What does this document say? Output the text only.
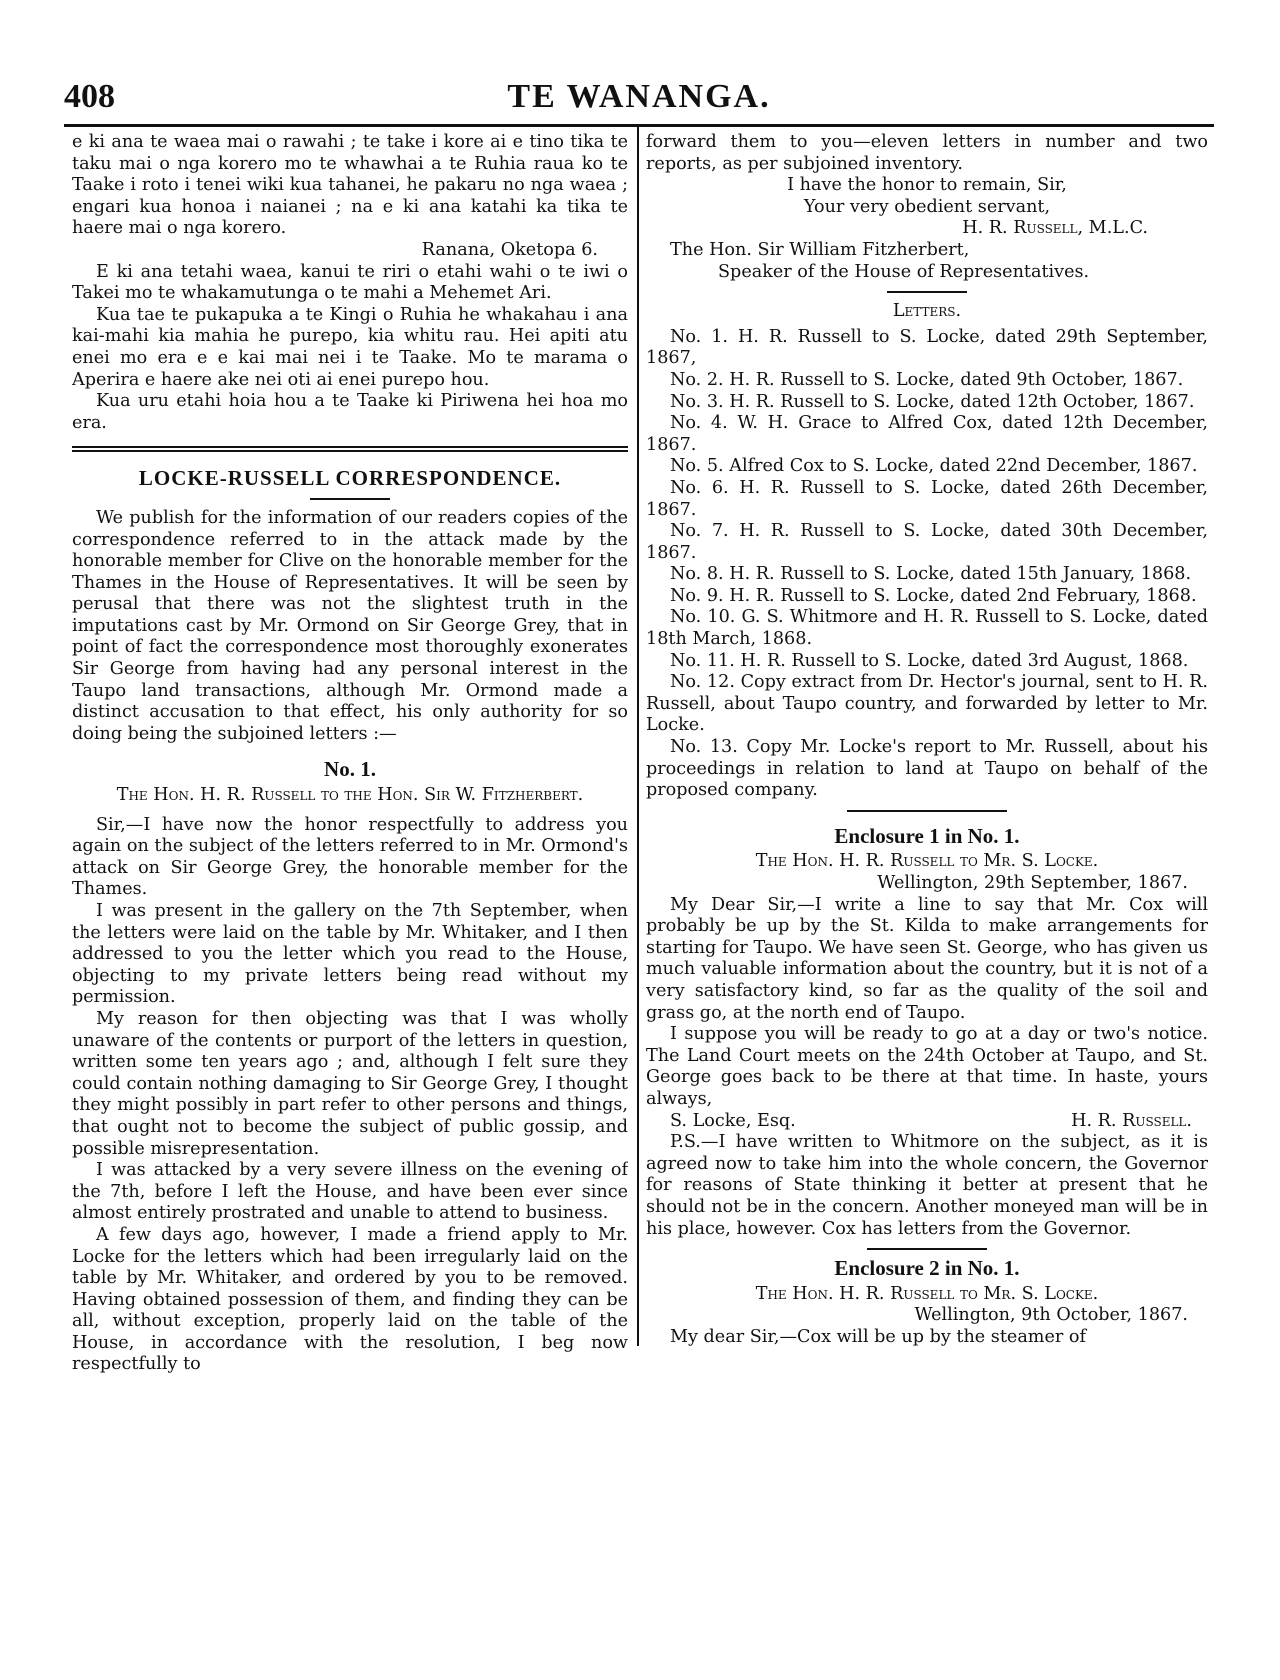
408	TE WANANGA.

e ki ana te waea mai o rawahi ; te take i kore ai e tino tika te taku mai o nga korero mo te whawhai a te Ruhia raua ko te Taake i roto i tenei wiki kua tahanei, he pakaru no nga waea ; engari kua honoa i naianei ; na e ki ana katahi ka tika te haere mai o nga korero.

Ranana, Oketopa 6.

E ki ana tetahi waea, kanui te riri o etahi wahi o te iwi o Takei mo te whakamutunga o te mahi a Mehemet Ari.

Kua tae te pukapuka a te Kingi o Ruhia he whakahau i ana kai-mahi kia mahia he purepo, kia whitu rau. Hei apiti atu enei mo era e e kai mai nei i te Taake. Mo te marama o Aperira e haere ake nei oti ai enei purepo hou.

Kua uru etahi hoia hou a te Taake ki Piriwena hei hoa mo era.

LOCKE-RUSSELL CORRESPONDENCE.

We publish for the information of our readers copies of the correspondence referred to in the attack made by the honorable member for Clive on the honorable member for the Thames in the House of Representatives. It will be seen by perusal that there was not the slightest truth in the imputations cast by Mr. Ormond on Sir George Grey, that in point of fact the correspondence most thoroughly exonerates Sir George from having had any personal interest in the Taupo land transactions, although Mr. Ormond made a distinct accusation to that effect, his only authority for so doing being the subjoined letters :—

No. 1.

The Hon. H. R. Russell to the Hon. Sir W. Fitzherbert.

Sir,—I have now the honor respectfully to address you again on the subject of the letters referred to in Mr. Ormond's attack on Sir George Grey, the honorable member for the Thames.

I was present in the gallery on the 7th September, when the letters were laid on the table by Mr. Whitaker, and I then addressed to you the letter which you read to the House, objecting to my private letters being read without my permission.

My reason for then objecting was that I was wholly unaware of the contents or purport of the letters in question, written some ten years ago ; and, although I felt sure they could contain nothing damaging to Sir George Grey, I thought they might possibly in part refer to other persons and things, that ought not to become the subject of public gossip, and possible misrepresentation.

I was attacked by a very severe illness on the evening of the 7th, before I left the House, and have been ever since almost entirely prostrated and unable to attend to business.

A few days ago, however, I made a friend apply to Mr. Locke for the letters which had been irregularly laid on the table by Mr. Whitaker, and ordered by you to be removed. Having obtained possession of them, and finding they can be all, without exception, properly laid on the table of the House, in accordance with the resolution, I beg now respectfully to

forward them to you—eleven letters in number and two reports, as per subjoined inventory.

I have the honor to remain, Sir,

Your very obedient servant,

H. R. Russell, M.L.C.

The Hon. Sir William Fitzherbert,

Speaker of the House of Representatives.

Letters.

No. 1. H. R. Russell to S. Locke, dated 29th September, 1867,

No. 2. H. R. Russell to S. Locke, dated 9th October, 1867.

No. 3. H. R. Russell to S. Locke, dated 12th October, 1867.

No. 4. W. H. Grace to Alfred Cox, dated 12th December, 1867.

No. 5. Alfred Cox to S. Locke, dated 22nd December, 1867.

No. 6. H. R. Russell to S. Locke, dated 26th December, 1867.

No. 7. H. R. Russell to S. Locke, dated 30th December, 1867.

No. 8. H. R. Russell to S. Locke, dated 15th January, 1868.

No. 9. H. R. Russell to S. Locke, dated 2nd February, 1868.

No. 10. G. S. Whitmore and H. R. Russell to S. Locke, dated 18th March, 1868.

No. 11. H. R. Russell to S. Locke, dated 3rd August, 1868.

No. 12. Copy extract from Dr. Hector's journal, sent to H. R. Russell, about Taupo country, and forwarded by letter to Mr. Locke.

No. 13. Copy Mr. Locke's report to Mr. Russell, about his proceedings in relation to land at Taupo on behalf of the proposed company.

Enclosure 1 in No. 1.

The Hon. H. R. Russell to Mr. S. Locke.

Wellington, 29th September, 1867.

My Dear Sir,—I write a line to say that Mr. Cox will probably be up by the St. Kilda to make arrangements for starting for Taupo. We have seen St. George, who has given us much valuable information about the country, but it is not of a very satisfactory kind, so far as the quality of the soil and grass go, at the north end of Taupo.

I suppose you will be ready to go at a day or two's notice. The Land Court meets on the 24th October at Taupo, and St. George goes back to be there at that time. In haste, yours always,

S. Locke, Esq.	H. R. Russell.

P.S.—I have written to Whitmore on the subject, as it is agreed now to take him into the whole concern, the Governor for reasons of State thinking it better at present that he should not be in the concern. Another moneyed man will be in his place, however. Cox has letters from the Governor.

Enclosure 2 in No. 1.

The Hon. H. R. Russell to Mr. S. Locke.

Wellington, 9th October, 1867.

My dear Sir,—Cox will be up by the steamer of
